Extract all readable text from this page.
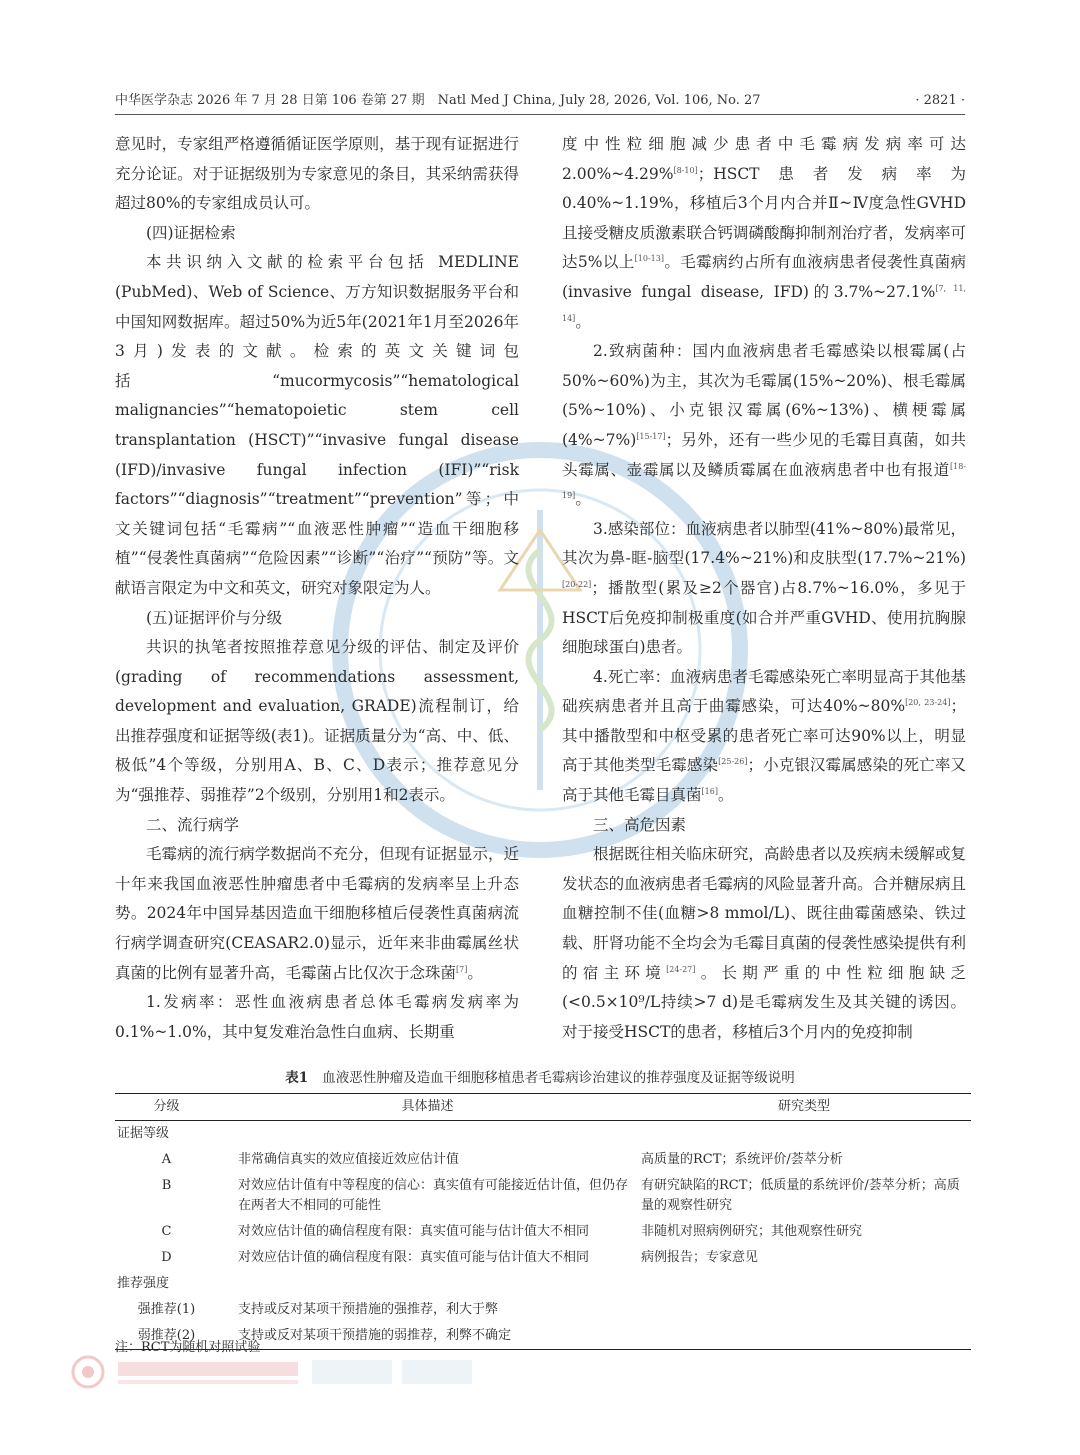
中华医学杂志 2026 年 7 月 28 日第 106 卷第 27 期　Natl Med J China, July 28, 2026, Vol. 106, No. 27	· 2821 ·

意见时，专家组严格遵循循证医学原则，基于现有证据进行充分论证。对于证据级别为专家意见的条目，其采纳需获得超过80%的专家组成员认可。

(四)证据检索

本共识纳入文献的检索平台包括 MEDLINE (PubMed)、Web of Science、万方知识数据服务平台和中国知网数据库。超过50%为近5年(2021年1月至2026年3月)发表的文献。检索的英文关键词包括“mucormycosis”“hematological malignancies”“hematopoietic stem cell transplantation (HSCT)”“invasive fungal disease (IFD)/invasive fungal infection (IFI)”“risk factors”“diagnosis”“treatment”“prevention”等；中文关键词包括“毛霉病”“血液恶性肿瘤”“造血干细胞移植”“侵袭性真菌病”“危险因素”“诊断”“治疗”“预防”等。文献语言限定为中文和英文，研究对象限定为人。

(五)证据评价与分级

共识的执笔者按照推荐意见分级的评估、制定及评价(grading of recommendations assessment, development and evaluation, GRADE)流程制订，给出推荐强度和证据等级(表1)。证据质量分为“高、中、低、极低”4个等级，分别用A、B、C、D表示；推荐意见分为“强推荐、弱推荐”2个级别，分别用1和2表示。

二、流行病学

毛霉病的流行病学数据尚不充分，但现有证据显示，近十年来我国血液恶性肿瘤患者中毛霉病的发病率呈上升态势。2024年中国异基因造血干细胞移植后侵袭性真菌病流行病学调查研究(CEASAR2.0)显示，近年来非曲霉属丝状真菌的比例有显著升高，毛霉菌占比仅次于念珠菌[7]。

1.发病率：恶性血液病患者总体毛霉病发病率为0.1%~1.0%，其中复发难治急性白血病、长期重

度中性粒细胞减少患者中毛霉病发病率可达2.00%~4.29%[8-10]；HSCT患者发病率为0.40%~1.19%，移植后3个月内合并Ⅱ~Ⅳ度急性GVHD且接受糖皮质激素联合钙调磷酸酶抑制剂治疗者，发病率可达5%以上[10-13]。毛霉病约占所有血液病患者侵袭性真菌病(invasive fungal disease, IFD)的3.7%~27.1%[7, 11, 14]。

2.致病菌种：国内血液病患者毛霉感染以根霉属(占50%~60%)为主，其次为毛霉属(15%~20%)、根毛霉属(5%~10%)、小克银汉霉属(6%~13%)、横梗霉属(4%~7%)[15-17]；另外，还有一些少见的毛霉目真菌，如共头霉属、壶霉属以及鳞质霉属在血液病患者中也有报道[18-19]。

3.感染部位：血液病患者以肺型(41%~80%)最常见，其次为鼻-眶-脑型(17.4%~21%)和皮肤型(17.7%~21%)[20-22]；播散型(累及≥2个器官)占8.7%~16.0%，多见于HSCT后免疫抑制极重度(如合并严重GVHD、使用抗胸腺细胞球蛋白)患者。

4.死亡率：血液病患者毛霉感染死亡率明显高于其他基础疾病患者并且高于曲霉感染，可达40%~80%[20, 23-24]；其中播散型和中枢受累的患者死亡率可达90%以上，明显高于其他类型毛霉感染[25-26]；小克银汉霉属感染的死亡率又高于其他毛霉目真菌[16]。

三、高危因素

根据既往相关临床研究，高龄患者以及疾病未缓解或复发状态的血液病患者毛霉病的风险显著升高。合并糖尿病且血糖控制不佳(血糖>8 mmol/L)、既往曲霉菌感染、铁过载、肝肾功能不全均会为毛霉目真菌的侵袭性感染提供有利的宿主环境[24-27]。长期严重的中性粒细胞缺乏(<0.5×10⁹/L持续>7 d)是毛霉病发生及其关键的诱因。对于接受HSCT的患者，移植后3个月内的免疫抑制

表1 血液恶性肿瘤及造血干细胞移植患者毛霉病诊治建议的推荐强度及证据等级说明
分级	具体描述	研究类型
证据等级		
A	非常确信真实的效应值接近效应估计值	高质量的RCT；系统评价/荟萃分析
B	对效应估计值有中等程度的信心：真实值有可能接近估计值，但仍存在两者大不相同的可能性	有研究缺陷的RCT；低质量的系统评价/荟萃分析；高质量的观察性研究
C	对效应估计值的确信程度有限：真实值可能与估计值大不相同	非随机对照病例研究；其他观察性研究
D	对效应估计值的确信程度有限：真实值可能与估计值大不相同	病例报告；专家意见
推荐强度		
强推荐(1)	支持或反对某项干预措施的强推荐，利大于弊	
弱推荐(2)	支持或反对某项干预措施的弱推荐，利弊不确定	
注：RCT为随机对照试验
